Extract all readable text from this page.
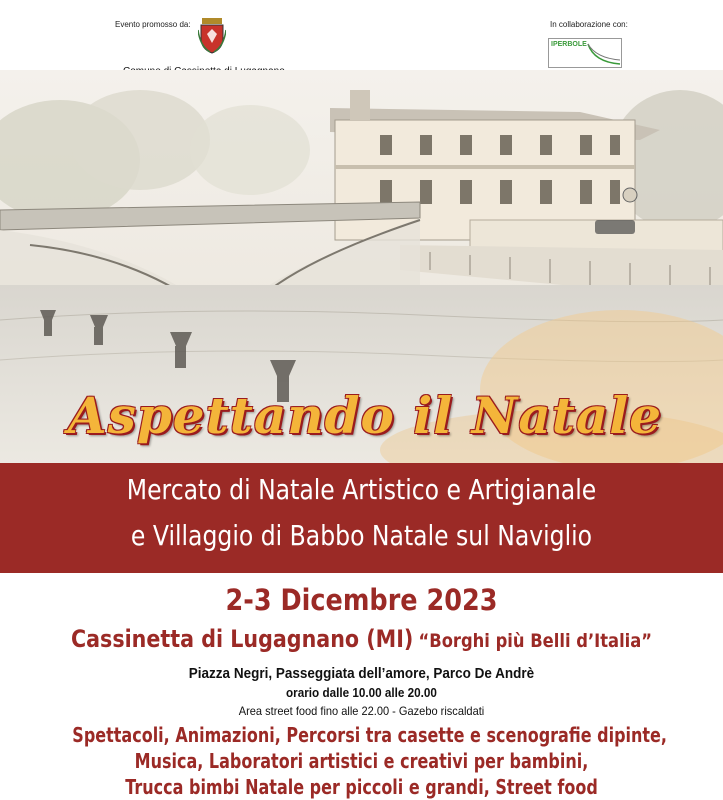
Evento promosso da:	In collaborazione con:
IPERBOLE
Aspettando il Natale
Mercato di Natale Artistico e Artigianale
e Villaggio di Babbo Natale sul Naviglio
2-3 Dicembre 2023
Cassinetta di Lugagnano (MI) “Borghi più Belli d’Italia”
Piazza Negri, Passeggiata dell’amore, Parco De Andrè
orario dalle 10.00 alle 20.00
Area street food fino alle 22.00 - Gazebo riscaldati
Spettacoli, Animazioni, Percorsi tra casette e scenografie dipinte,
Musica, Laboratori artistici e creativi per bambini,
Trucca bimbi Natale per piccoli e grandi, Street food
